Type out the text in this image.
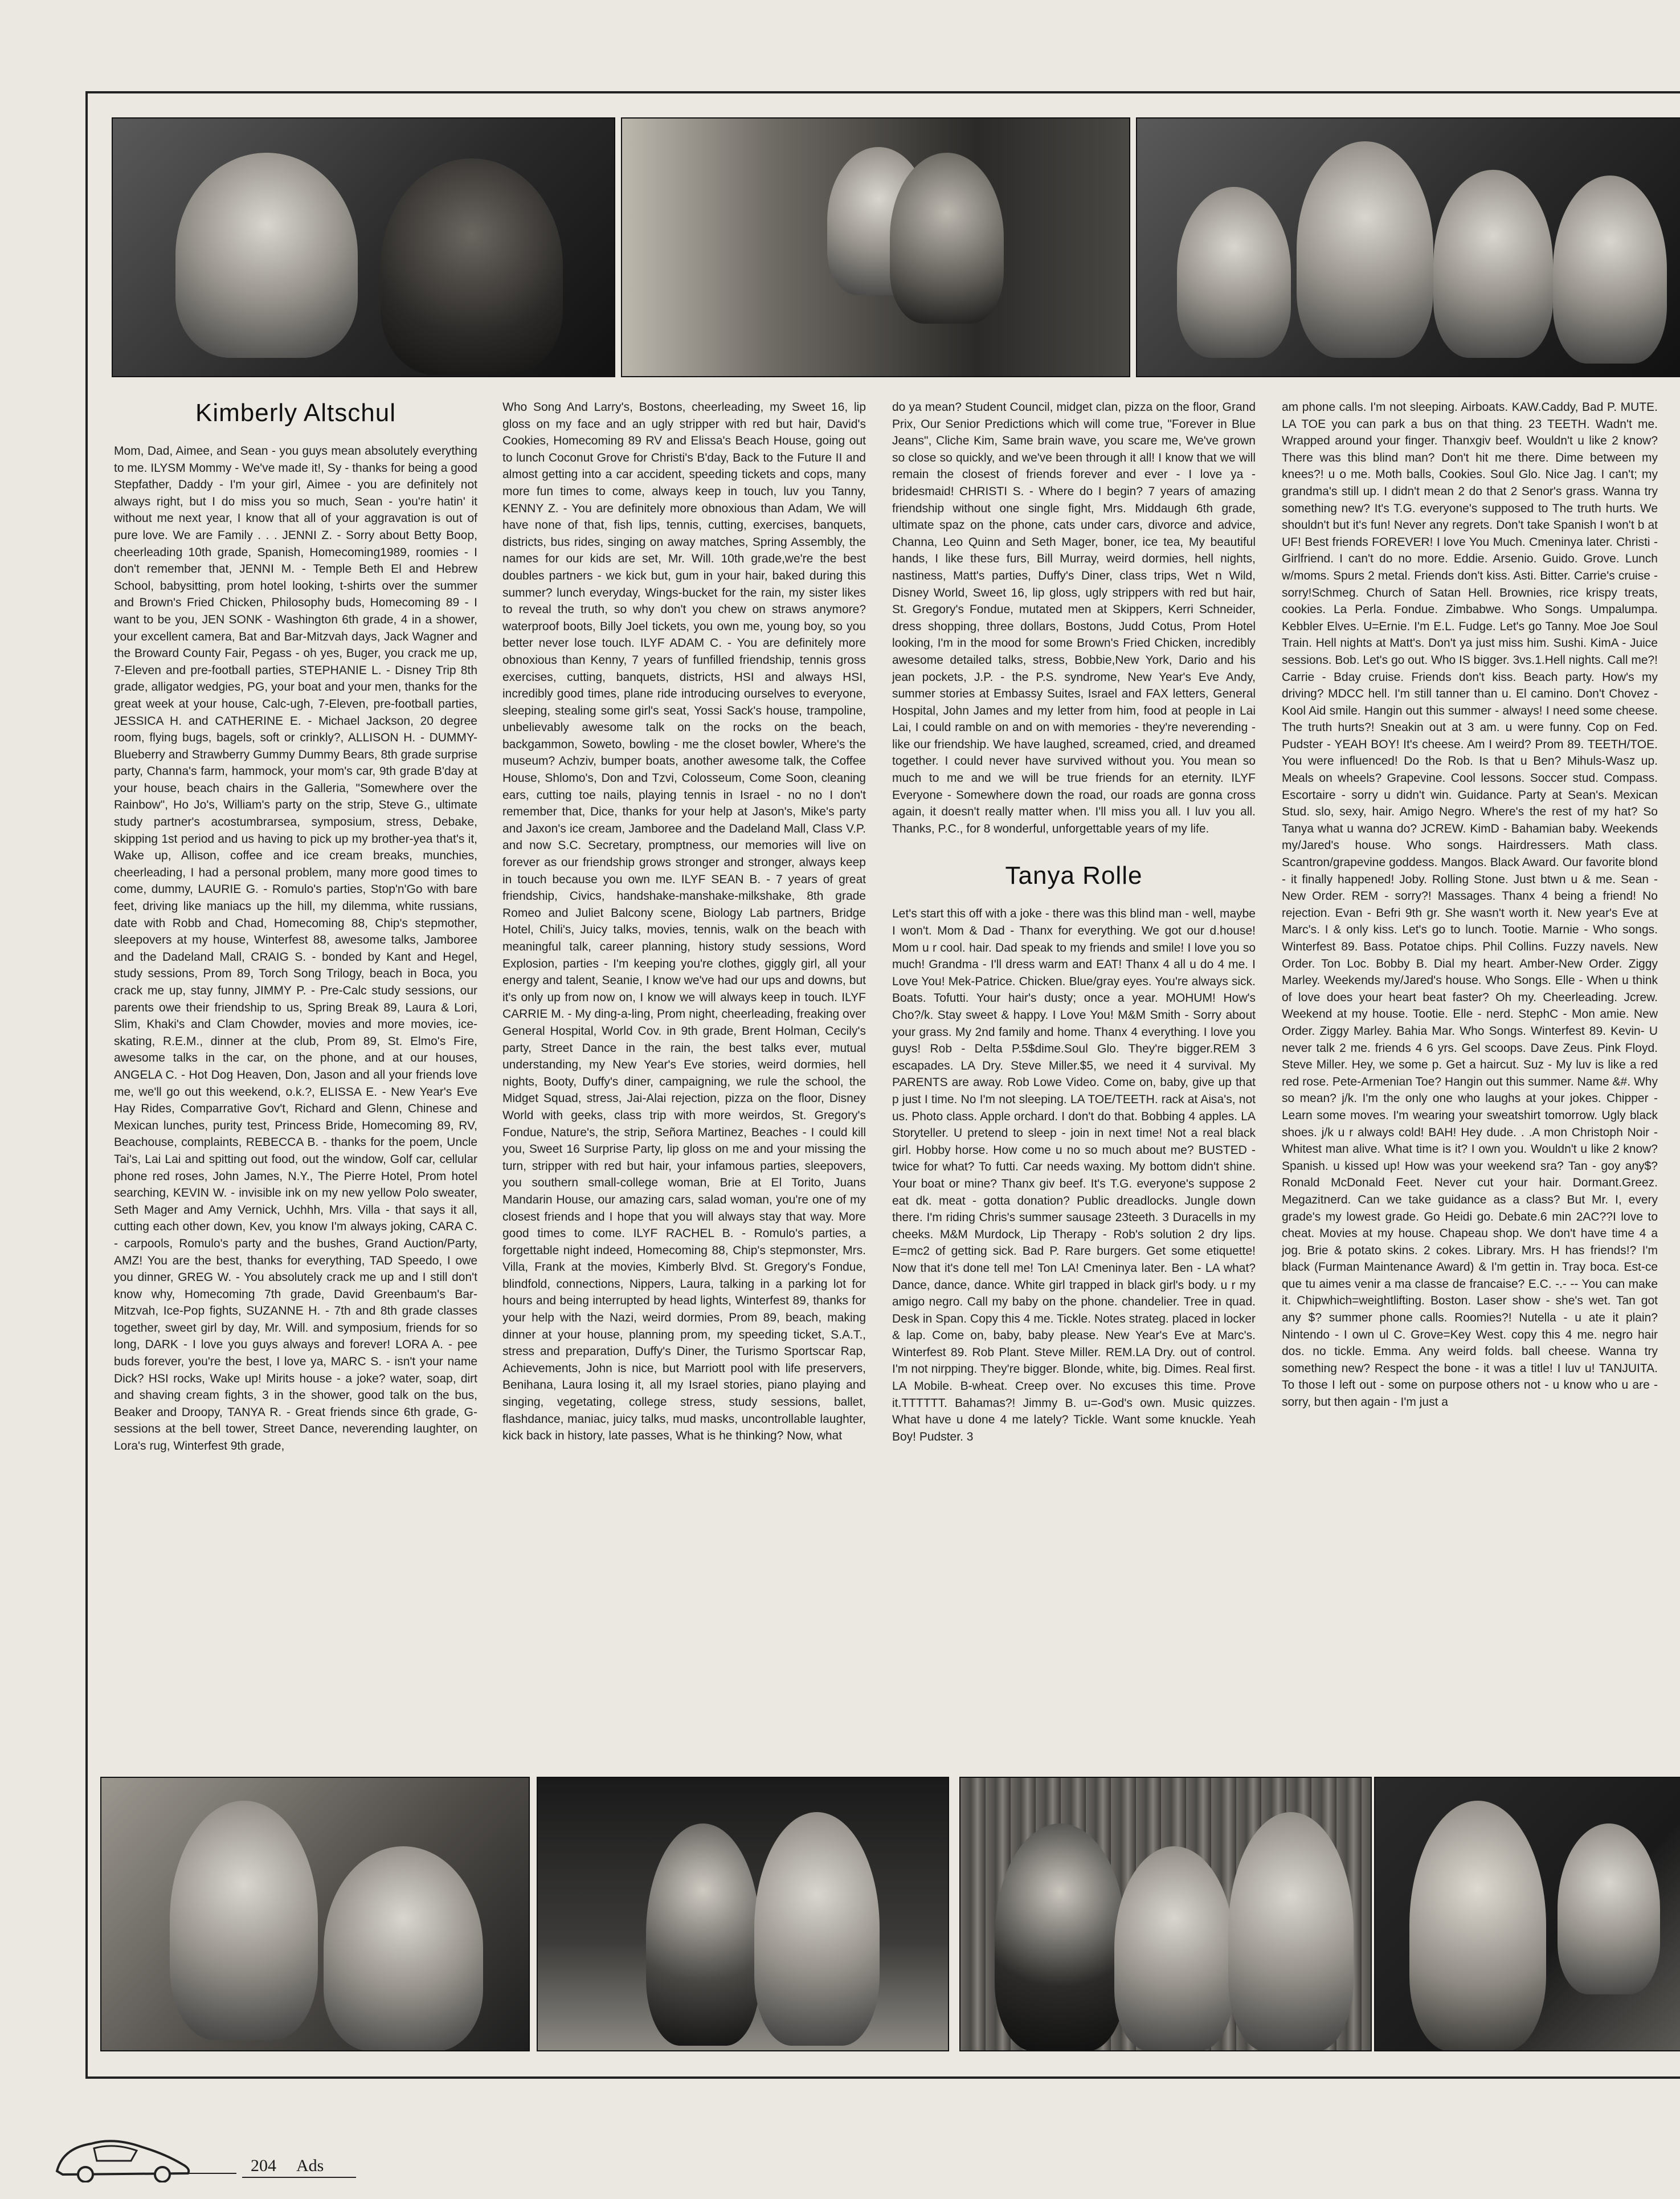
Kimberly Altschul

Mom, Dad, Aimee, and Sean - you guys mean absolutely everything to me. ILYSM Mommy - We've made it!, Sy - thanks for being a good Stepfather, Daddy - I'm your girl, Aimee - you are definitely not always right, but I do miss you so much, Sean - you're hatin' it without me next year, I know that all of your aggravation is out of pure love. We are Family . . . JENNI Z. - Sorry about Betty Boop, cheerleading 10th grade, Spanish, Homecoming1989, roomies - I don't remember that, JENNI M. - Temple Beth El and Hebrew School, babysitting, prom hotel looking, t-shirts over the summer and Brown's Fried Chicken, Philosophy buds, Homecoming 89 - I want to be you, JEN SONK - Washington 6th grade, 4 in a shower, your excellent camera, Bat and Bar-Mitzvah days, Jack Wagner and the Broward County Fair, Pegass - oh yes, Buger, you crack me up, 7-Eleven and pre-football parties, STEPHANIE L. - Disney Trip 8th grade, alligator wedgies, PG, your boat and your men, thanks for the great week at your house, Calc-ugh, 7-Eleven, pre-football parties, JESSICA H. and CATHERINE E. - Michael Jackson, 20 degree room, flying bugs, bagels, soft or crinkly?, ALLISON H. - DUMMY-Blueberry and Strawberry Gummy Dummy Bears, 8th grade surprise party, Channa's farm, hammock, your mom's car, 9th grade B'day at your house, beach chairs in the Galleria, "Somewhere over the Rainbow", Ho Jo's, William's party on the strip, Steve G., ultimate study partner's acostumbrarsea, symposium, stress, Debake, skipping 1st period and us having to pick up my brother-yea that's it, Wake up, Allison, coffee and ice cream breaks, munchies, cheerleading, I had a personal problem, many more good times to come, dummy, LAURIE G. - Romulo's parties, Stop'n'Go with bare feet, driving like maniacs up the hill, my dilemma, white russians, date with Robb and Chad, Homecoming 88, Chip's stepmother, sleepovers at my house, Winterfest 88, awesome talks, Jamboree and the Dadeland Mall, CRAIG S. - bonded by Kant and Hegel, study sessions, Prom 89, Torch Song Trilogy, beach in Boca, you crack me up, stay funny, JIMMY P. - Pre-Calc study sessions, our parents owe their friendship to us, Spring Break 89, Laura & Lori, Slim, Khaki's and Clam Chowder, movies and more movies, ice-skating, R.E.M., dinner at the club, Prom 89, St. Elmo's Fire, awesome talks in the car, on the phone, and at our houses, ANGELA C. - Hot Dog Heaven, Don, Jason and all your friends love me, we'll go out this weekend, o.k.?, ELISSA E. - New Year's Eve Hay Rides, Comparrative Gov't, Richard and Glenn, Chinese and Mexican lunches, purity test, Princess Bride, Homecoming 89, RV, Beachouse, complaints, REBECCA B. - thanks for the poem, Uncle Tai's, Lai Lai and spitting out food, out the window, Golf car, cellular phone red roses, John James, N.Y., The Pierre Hotel, Prom hotel searching, KEVIN W. - invisible ink on my new yellow Polo sweater, Seth Mager and Amy Vernick, Uchhh, Mrs. Villa - that says it all, cutting each other down, Kev, you know I'm always joking, CARA C. - carpools, Romulo's party and the bushes, Grand Auction/Party, AMZ! You are the best, thanks for everything, TAD Speedo, I owe you dinner, GREG W. - You absolutely crack me up and I still don't know why, Homecoming 7th grade, David Greenbaum's Bar-Mitzvah, Ice-Pop fights, SUZANNE H. - 7th and 8th grade classes together, sweet girl by day, Mr. Will. and symposium, friends for so long, DARK - I love you guys always and forever! LORA A. - pee buds forever, you're the best, I love ya, MARC S. - isn't your name Dick? HSI rocks, Wake up! Mirits house - a joke? water, soap, dirt and shaving cream fights, 3 in the shower, good talk on the bus, Beaker and Droopy, TANYA R. - Great friends since 6th grade, G-sessions at the bell tower, Street Dance, neverending laughter, on Lora's rug, Winterfest 9th grade,

Who Song And Larry's, Bostons, cheerleading, my Sweet 16, lip gloss on my face and an ugly stripper with red but hair, David's Cookies, Homecoming 89 RV and Elissa's Beach House, going out to lunch Coconut Grove for Christi's B'day, Back to the Future II and almost getting into a car accident, speeding tickets and cops, many more fun times to come, always keep in touch, luv you Tanny, KENNY Z. - You are definitely more obnoxious than Adam, We will have none of that, fish lips, tennis, cutting, exercises, banquets, districts, bus rides, singing on away matches, Spring Assembly, the names for our kids are set, Mr. Will. 10th grade,we're the best doubles partners - we kick but, gum in your hair, baked during this summer? lunch everyday, Wings-bucket for the rain, my sister likes to reveal the truth, so why don't you chew on straws anymore? waterproof boots, Billy Joel tickets, you own me, young boy, so you better never lose touch. ILYF ADAM C. - You are definitely more obnoxious than Kenny, 7 years of funfilled friendship, tennis gross exercises, cutting, banquets, districts, HSI and always HSI, incredibly good times, plane ride introducing ourselves to everyone, sleeping, stealing some girl's seat, Yossi Sack's house, trampoline, unbelievably awesome talk on the rocks on the beach, backgammon, Soweto, bowling - me the closet bowler, Where's the museum? Achziv, bumper boats, another awesome talk, the Coffee House, Shlomo's, Don and Tzvi, Colosseum, Come Soon, cleaning ears, cutting toe nails, playing tennis in Israel - no no I don't remember that, Dice, thanks for your help at Jason's, Mike's party and Jaxon's ice cream, Jamboree and the Dadeland Mall, Class V.P. and now S.C. Secretary, promptness, our memories will live on forever as our friendship grows stronger and stronger, always keep in touch because you own me. ILYF SEAN B. - 7 years of great friendship, Civics, handshake-manshake-milkshake, 8th grade Romeo and Juliet Balcony scene, Biology Lab partners, Bridge Hotel, Chili's, Juicy talks, movies, tennis, walk on the beach with meaningful talk, career planning, history study sessions, Word Explosion, parties - I'm keeping you're clothes, giggly girl, all your energy and talent, Seanie, I know we've had our ups and downs, but it's only up from now on, I know we will always keep in touch. ILYF CARRIE M. - My ding-a-ling, Prom night, cheerleading, freaking over General Hospital, World Cov. in 9th grade, Brent Holman, Cecily's party, Street Dance in the rain, the best talks ever, mutual understanding, my New Year's Eve stories, weird dormies, hell nights, Booty, Duffy's diner, campaigning, we rule the school, the Midget Squad, stress, Jai-Alai rejection, pizza on the floor, Disney World with geeks, class trip with more weirdos, St. Gregory's Fondue, Nature's, the strip, Señora Martinez, Beaches - I could kill you, Sweet 16 Surprise Party, lip gloss on me and your missing the turn, stripper with red but hair, your infamous parties, sleepovers, you southern small-college woman, Brie at El Torito, Juans Mandarin House, our amazing cars, salad woman, you're one of my closest friends and I hope that you will always stay that way. More good times to come. ILYF RACHEL B. - Romulo's parties, a forgettable night indeed, Homecoming 88, Chip's stepmonster, Mrs. Villa, Frank at the movies, Kimberly Blvd. St. Gregory's Fondue, blindfold, connections, Nippers, Laura, talking in a parking lot for hours and being interrupted by head lights, Winterfest 89, thanks for your help with the Nazi, weird dormies, Prom 89, beach, making dinner at your house, planning prom, my speeding ticket, S.A.T., stress and preparation, Duffy's Diner, the Turismo Sportscar Rap, Achievements, John is nice, but Marriott pool with life preservers, Benihana, Laura losing it, all my Israel stories, piano playing and singing, vegetating, college stress, study sessions, ballet, flashdance, maniac, juicy talks, mud masks, uncontrollable laughter, kick back in history, late passes, What is he thinking? Now, what

do ya mean? Student Council, midget clan, pizza on the floor, Grand Prix, Our Senior Predictions which will come true, "Forever in Blue Jeans", Cliche Kim, Same brain wave, you scare me, We've grown so close so quickly, and we've been through it all! I know that we will remain the closest of friends forever and ever - I love ya - bridesmaid! CHRISTI S. - Where do I begin? 7 years of amazing friendship without one single fight, Mrs. Middaugh 6th grade, ultimate spaz on the phone, cats under cars, divorce and advice, Channa, Leo Quinn and Seth Mager, boner, ice tea, My beautiful hands, I like these furs, Bill Murray, weird dormies, hell nights, nastiness, Matt's parties, Duffy's Diner, class trips, Wet n Wild, Disney World, Sweet 16, lip gloss, ugly strippers with red but hair, St. Gregory's Fondue, mutated men at Skippers, Kerri Schneider, dress shopping, three dollars, Bostons, Judd Cotus, Prom Hotel looking, I'm in the mood for some Brown's Fried Chicken, incredibly awesome detailed talks, stress, Bobbie,New York, Dario and his jean pockets, J.P. - the P.S. syndrome, New Year's Eve Andy, summer stories at Embassy Suites, Israel and FAX letters, General Hospital, John James and my letter from him, food at people in Lai Lai, I could ramble on and on with memories - they're neverending - like our friendship. We have laughed, screamed, cried, and dreamed together. I could never have survived without you. You mean so much to me and we will be true friends for an eternity. ILYF Everyone - Somewhere down the road, our roads are gonna cross again, it doesn't really matter when. I'll miss you all. I luv you all. Thanks, P.C., for 8 wonderful, unforgettable years of my life.

Tanya Rolle

Let's start this off with a joke - there was this blind man - well, maybe I won't. Mom & Dad - Thanx for everything. We got our d.house! Mom u r cool. hair. Dad speak to my friends and smile! I love you so much! Grandma - I'll dress warm and EAT! Thanx 4 all u do 4 me. I Love You! Mek-Patrice. Chicken. Blue/gray eyes. You're always sick. Boats. Tofutti. Your hair's dusty; once a year. MOHUM! How's Cho?/k. Stay sweet & happy. I Love You! M&M Smith - Sorry about your grass. My 2nd family and home. Thanx 4 everything. I love you guys! Rob - Delta P.5$dime.Soul Glo. They're bigger.REM 3 escapades. LA Dry. Steve Miller.$5, we need it 4 survival. My PARENTS are away. Rob Lowe Video. Come on, baby, give up that p just I time. No I'm not sleeping. LA TOE/TEETH. rack at Aisa's, not us. Photo class. Apple orchard. I don't do that. Bobbing 4 apples. LA Storyteller. U pretend to sleep - join in next time! Not a real black girl. Hobby horse. How come u no so much about me? BUSTED - twice for what? To futti. Car needs waxing. My bottom didn't shine. Your boat or mine? Thanx giv beef. It's T.G. everyone's suppose 2 eat dk. meat - gotta donation? Public dreadlocks. Jungle down there. I'm riding Chris's summer sausage 23teeth. 3 Duracells in my cheeks. M&M Murdock, Lip Therapy - Rob's solution 2 dry lips. E=mc2 of getting sick. Bad P. Rare burgers. Get some etiquette! Now that it's done tell me! Ton LA! Cmeninya later. Ben - LA what? Dance, dance, dance. White girl trapped in black girl's body. u r my amigo negro. Call my baby on the phone. chandelier. Tree in quad. Desk in Span. Copy this 4 me. Tickle. Notes strateg. placed in locker & lap. Come on, baby, baby please. New Year's Eve at Marc's. Winterfest 89. Rob Plant. Steve Miller. REM.LA Dry. out of control. I'm not nirpping. They're bigger. Blonde, white, big. Dimes. Real first. LA Mobile. B-wheat. Creep over. No excuses this time. Prove it.TTTTTT. Bahamas?! Jimmy B. u=-God's own. Music quizzes. What have u done 4 me lately? Tickle. Want some knuckle. Yeah Boy! Pudster. 3

am phone calls. I'm not sleeping. Airboats. KAW.Caddy, Bad P. MUTE. LA TOE you can park a bus on that thing. 23 TEETH. Wadn't me. Wrapped around your finger. Thanxgiv beef. Wouldn't u like 2 know? There was this blind man? Don't hit me there. Dime between my knees?! u o me. Moth balls, Cookies. Soul Glo. Nice Jag. I can't; my grandma's still up. I didn't mean 2 do that 2 Senor's grass. Wanna try something new? It's T.G. everyone's supposed to The truth hurts. We shouldn't but it's fun! Never any regrets. Don't take Spanish I won't b at UF! Best friends FOREVER! I love You Much. Cmeninya later. Christi - Girlfriend. I can't do no more. Eddie. Arsenio. Guido. Grove. Lunch w/moms. Spurs 2 metal. Friends don't kiss. Asti. Bitter. Carrie's cruise - sorry!Schmeg. Church of Satan Hell. Brownies, rice krispy treats, cookies. La Perla. Fondue. Zimbabwe. Who Songs. Umpalumpa. Kebbler Elves. U=Ernie. I'm E.L. Fudge. Let's go Tanny. Moe Joe Soul Train. Hell nights at Matt's. Don't ya just miss him. Sushi. KimA - Juice sessions. Bob. Let's go out. Who IS bigger. 3vs.1.Hell nights. Call me?! Carrie - Bday cruise. Friends don't kiss. Beach party. How's my driving? MDCC hell. I'm still tanner than u. El camino. Don't Chovez - Kool Aid smile. Hangin out this summer - always! I need some cheese. The truth hurts?! Sneakin out at 3 am. u were funny. Cop on Fed. Pudster - YEAH BOY! It's cheese. Am I weird? Prom 89. TEETH/TOE. You were influenced! Do the Rob. Is that u Ben? Mihuls-Wasz up. Meals on wheels? Grapevine. Cool lessons. Soccer stud. Compass. Escortaire - sorry u didn't win. Guidance. Party at Sean's. Mexican Stud. slo, sexy, hair. Amigo Negro. Where's the rest of my hat? So Tanya what u wanna do? JCREW. KimD - Bahamian baby. Weekends my/Jared's house. Who songs. Hairdressers. Math class. Scantron/grapevine goddess. Mangos. Black Award. Our favorite blond - it finally happened! Joby. Rolling Stone. Just btwn u & me. Sean - New Order. REM - sorry?! Massages. Thanx 4 being a friend! No rejection. Evan - Befri 9th gr. She wasn't worth it. New year's Eve at Marc's. I & only kiss. Let's go to lunch. Tootie. Marnie - Who songs. Winterfest 89. Bass. Potatoe chips. Phil Collins. Fuzzy navels. New Order. Ton Loc. Bobby B. Dial my heart. Amber-New Order. Ziggy Marley. Weekends my/Jared's house. Who Songs. Elle - When u think of love does your heart beat faster? Oh my. Cheerleading. Jcrew. Weekend at my house. Tootie. Elle - nerd. StephC - Mon amie. New Order. Ziggy Marley. Bahia Mar. Who Songs. Winterfest 89. Kevin- U never talk 2 me. friends 4 6 yrs. Gel scoops. Dave Zeus. Pink Floyd. Steve Miller. Hey, we some p. Get a haircut. Suz - My luv is like a red red rose. Pete-Armenian Toe? Hangin out this summer. Name &#. Why so mean? j/k. I'm the only one who laughs at your jokes. Chipper - Learn some moves. I'm wearing your sweatshirt tomorrow. Ugly black shoes. j/k u r always cold! BAH! Hey dude. . .A mon Christoph Noir - Whitest man alive. What time is it? I own you. Wouldn't u like 2 know? Spanish. u kissed up! How was your weekend sra? Tan - goy any$? Ronald McDonald Feet. Never cut your hair. Dormant.Greez. Megazitnerd. Can we take guidance as a class? But Mr. I, every grade's my lowest grade. Go Heidi go. Debate.6 min 2AC??I love to cheat. Movies at my house. Chapeau shop. We don't have time 4 a jog. Brie & potato skins. 2 cokes. Library. Mrs. H has friends!? I'm black (Furman Maintenance Award) & I'm gettin in. Tray boca. Est-ce que tu aimes venir a ma classe de francaise? E.C. -.- -- You can make it. Chipwhich=weightlifting. Boston. Laser show - she's wet. Tan got any $? summer phone calls. Roomies?! Nutella - u ate it plain? Nintendo - I own ul C. Grove=Key West. copy this 4 me. negro hair dos. no tickle. Emma. Any weird folds. ball cheese. Wanna try something new? Respect the bone - it was a title! I luv u! TANJUITA. To those I left out - some on purpose others not - u know who u are - sorry, but then again - I'm just a

204 Ads
